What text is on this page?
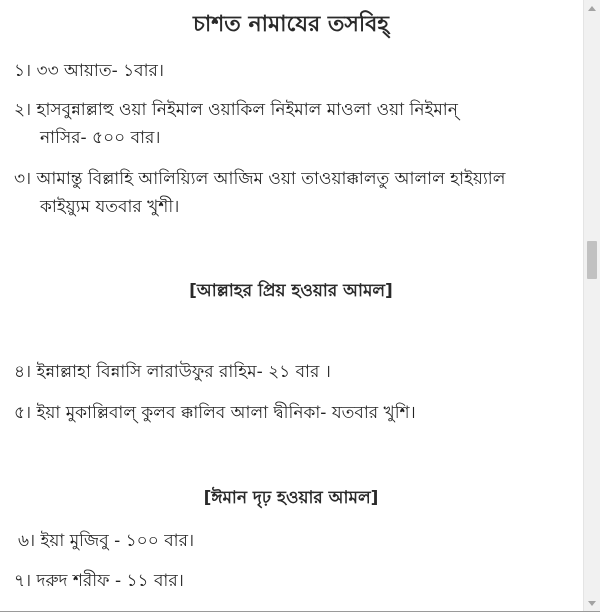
চাশত নামাযের তসবিহ্

১। ৩৩ আয়াত- ১বার।

২। হাসবুন্নাল্লাহু ওয়া নিইমাল ওয়াকিল নিইমাল মাওলা ওয়া নিইমান্
নাসির- ৫০০ বার।

৩। আমান্তু বিল্লাহি আলিয়্যিল আজিম ওয়া তাওয়াক্কালতু আলাল হাইয়্যাল
কাইয়্যুম যতবার খুশী।

[আল্লাহর প্রিয় হওয়ার আমল]

৪। ইন্নাল্লাহা বিন্নাসি লারাউফুর রাহিম- ২১ বার ।

৫। ইয়া মুকাল্লিবাল্ কুলব ক্কালিব আলা দ্বীনিকা- যতবার খুশি।

[ঈমান দৃঢ় হওয়ার আমল]

৬। ইয়া মুজিবু - ১০০ বার।

৭। দরুদ শরীফ - ১১ বার।
